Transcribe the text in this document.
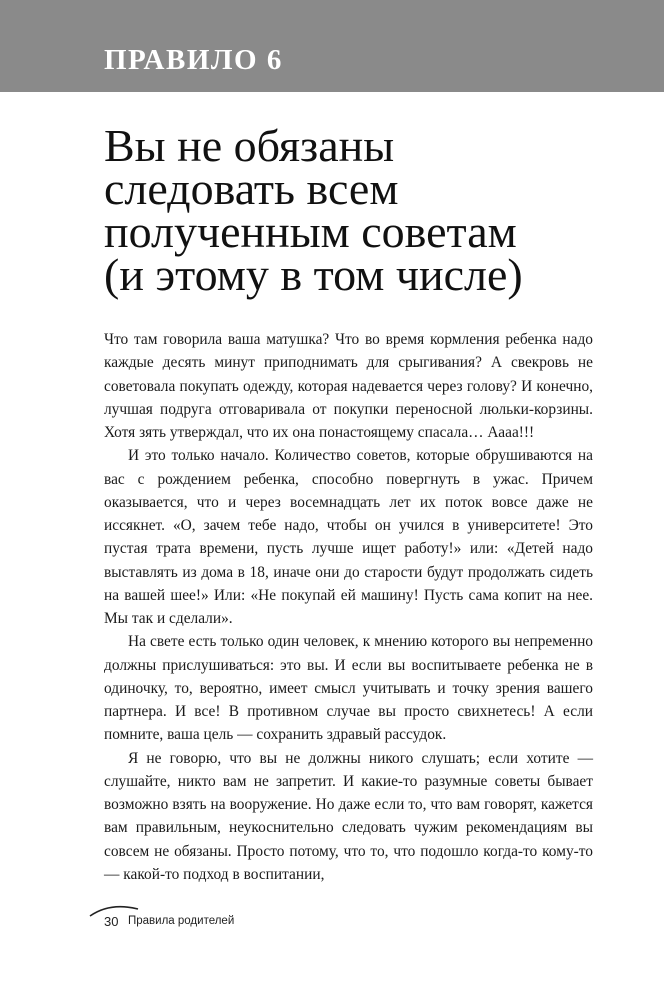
ПРАВИЛО 6
Вы не обязаны
следовать всем
полученным советам
(и этому в том числе)

Что там говорила ваша матушка? Что во время кормления ребенка надо каждые десять минут приподнимать для срыгивания? А свекровь не советовала покупать одежду, которая надевается через голову? И конечно, лучшая подруга отговаривала от покупки переносной люльки-корзины. Хотя зять утверждал, что их она понастоящему спасала… Аааа!!!

И это только начало. Количество советов, которые обрушиваются на вас с рождением ребенка, способно повергнуть в ужас. Причем оказывается, что и через восемнадцать лет их поток вовсе даже не иссякнет. «О, зачем тебе надо, чтобы он учился в университете! Это пустая трата времени, пусть лучше ищет работу!» или: «Детей надо выставлять из дома в 18, иначе они до старости будут продолжать сидеть на вашей шее!» Или: «Не покупай ей машину! Пусть сама копит на нее. Мы так и сделали».

На свете есть только один человек, к мнению которого вы непременно должны прислушиваться: это вы. И если вы воспитываете ребенка не в одиночку, то, вероятно, имеет смысл учитывать и точку зрения вашего партнера. И все! В противном случае вы просто свихнетесь! А если помните, ваша цель — сохранить здравый рассудок.

Я не говорю, что вы не должны никого слушать; если хотите — слушайте, никто вам не запретит. И какие-то разумные советы бывает возможно взять на вооружение. Но даже если то, что вам говорят, кажется вам правильным, неукоснительно следовать чужим рекомендациям вы совсем не обязаны. Просто потому, что то, что подошло когда-то кому-то — какой-то подход в воспитании,

30 Правила родителей
